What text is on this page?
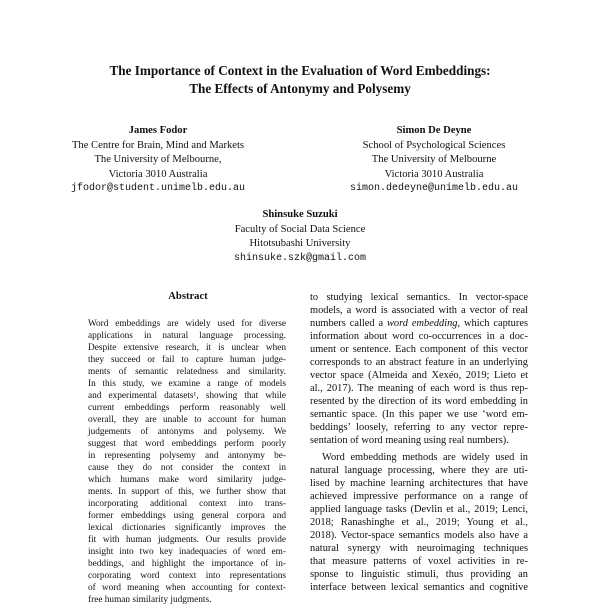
The Importance of Context in the Evaluation of Word Embeddings:
The Effects of Antonymy and Polysemy
James Fodor
The Centre for Brain, Mind and Markets
The University of Melbourne,
Victoria 3010 Australia
jfodor@student.unimelb.edu.au
Simon De Deyne
School of Psychological Sciences
The University of Melbourne
Victoria 3010 Australia
simon.dedeyne@unimelb.edu.au
Shinsuke Suzuki
Faculty of Social Data Science
Hitotsubashi University
shinsuke.szk@gmail.com
Abstract
Word embeddings are widely used for diverse
applications in natural language processing.
Despite extensive research, it is unclear when
they succeed or fail to capture human judge-
ments of semantic relatedness and similarity.
In this study, we examine a range of models
and experimental datasets¹, showing that while
current embeddings perform reasonably well
overall, they are unable to account for human
judgements of antonyms and polysemy. We
suggest that word embeddings perform poorly
in representing polysemy and antonymy be-
cause they do not consider the context in
which humans make word similarity judge-
ments. In support of this, we further show that
incorporating additional context into trans-
former embeddings using general corpora and
lexical dictionaries significantly improves the
fit with human judgments. Our results provide
insight into two key inadequacies of word em-
beddings, and highlight the importance of in-
corporating word context into representations
of word meaning when accounting for context-
free human similarity judgments.
to studying lexical semantics. In vector-space
models, a word is associated with a vector of real
numbers called a word embedding, which captures
information about word co-occurrences in a doc-
ument or sentence. Each component of this vector
corresponds to an abstract feature in an underlying
vector space (Almeida and Xexéo, 2019; Lieto et
al., 2017). The meaning of each word is thus rep-
resented by the direction of its word embedding in
semantic space. (In this paper we use ‘word em-
beddings’ loosely, referring to any vector repre-
sentation of word meaning using real numbers).
Word embedding methods are widely used in
natural language processing, where they are uti-
lised by machine learning architectures that have
achieved impressive performance on a range of
applied language tasks (Devlin et al., 2019; Lenci,
2018; Ranashinghe et al., 2019; Young et al.,
2018). Vector-space semantics models also have a
natural synergy with neuroimaging techniques
that measure patterns of voxel activities in re-
sponse to linguistic stimuli, thus providing an
interface between lexical semantics and cognitive
